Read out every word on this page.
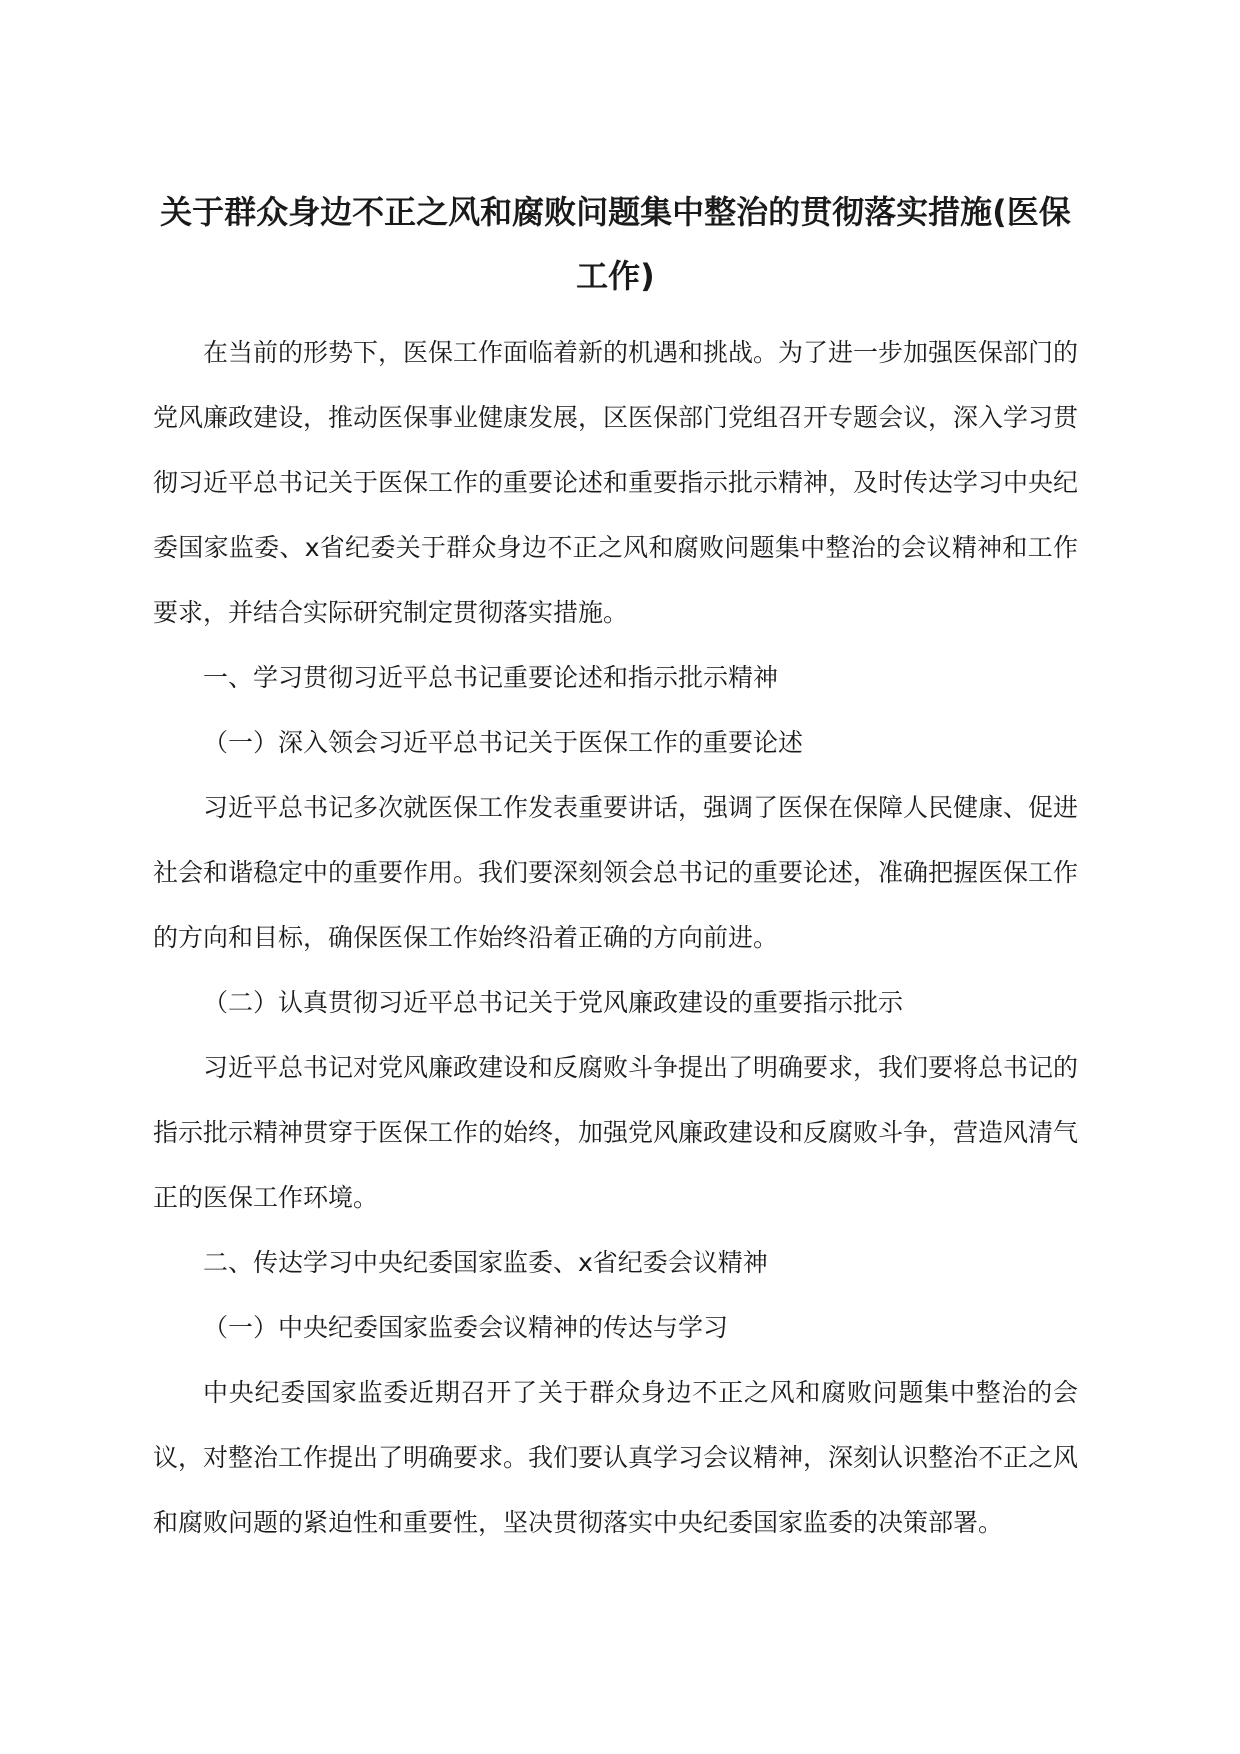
关于群众身边不正之风和腐败问题集中整治的贯彻落实措施(医保工作)

在当前的形势下，医保工作面临着新的机遇和挑战。为了进一步加强医保部门的党风廉政建设，推动医保事业健康发展，区医保部门党组召开专题会议，深入学习贯彻习近平总书记关于医保工作的重要论述和重要指示批示精神，及时传达学习中央纪委国家监委、x省纪委关于群众身边不正之风和腐败问题集中整治的会议精神和工作要求，并结合实际研究制定贯彻落实措施。

一、学习贯彻习近平总书记重要论述和指示批示精神

（一）深入领会习近平总书记关于医保工作的重要论述

习近平总书记多次就医保工作发表重要讲话，强调了医保在保障人民健康、促进社会和谐稳定中的重要作用。我们要深刻领会总书记的重要论述，准确把握医保工作的方向和目标，确保医保工作始终沿着正确的方向前进。

（二）认真贯彻习近平总书记关于党风廉政建设的重要指示批示

习近平总书记对党风廉政建设和反腐败斗争提出了明确要求，我们要将总书记的指示批示精神贯穿于医保工作的始终，加强党风廉政建设和反腐败斗争，营造风清气正的医保工作环境。

二、传达学习中央纪委国家监委、x省纪委会议精神

（一）中央纪委国家监委会议精神的传达与学习

中央纪委国家监委近期召开了关于群众身边不正之风和腐败问题集中整治的会议，对整治工作提出了明确要求。我们要认真学习会议精神，深刻认识整治不正之风和腐败问题的紧迫性和重要性，坚决贯彻落实中央纪委国家监委的决策部署。
